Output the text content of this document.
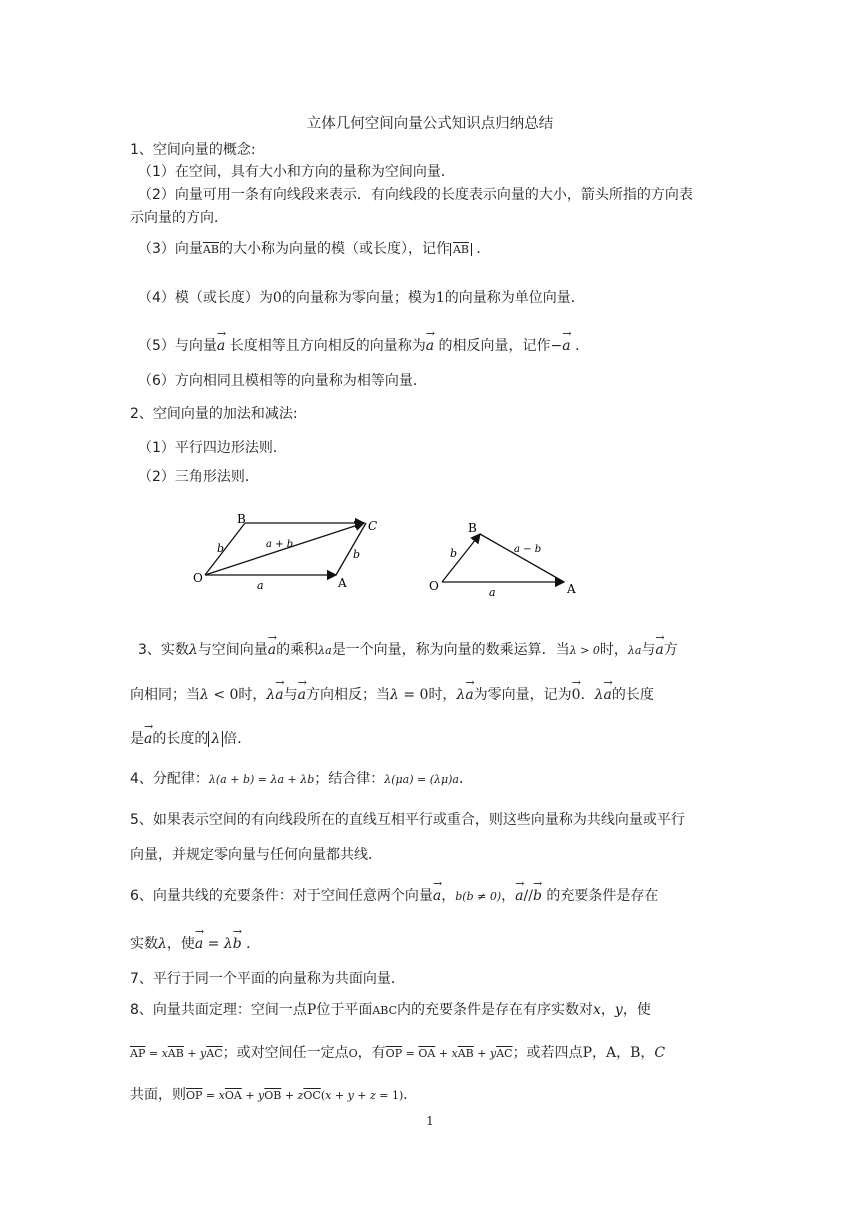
立体几何空间向量公式知识点归纳总结
1、空间向量的概念:
（1）在空间，具有大小和方向的量称为空间向量．
（2）向量可用一条有向线段来表示．有向线段的长度表示向量的大小，箭头所指的方向表
示向量的方向．
（3）向量$\overline{AB}$的大小称为向量的模（或长度），记作 $\overline{AB}$ ．
（4）模（或长度）为0的向量称为零向量；模为1的向量称为单位向量．
（5）与向量→ a 长度相等且方向相反的向量称为→ a 的相反向量，记作−→ a ．
（6）方向相同且模相等的向量称为相等向量．
2、空间向量的加法和减法:
（1）平行四边形法则．
（2）三角形法则．
O	A
B	C
a
b	b
a + b
O	A
B
a
b	a − b
3、实数λ与空间向量→ a的乘积λa是一个向量，称为向量的数乘运算．当λ > 0时，λa与→ a方
向相同；当λ < 0时，λ→ a与→ a方向相反；当λ = 0时，λ→ a为零向量，记为→ 0．λ→ a的长度
是→ a的长度的 λ 倍．
4、分配律：λ(a + b) = λa + λb；结合律：λ(μa) = (λμ)a．
5、如果表示空间的有向线段所在的直线互相平行或重合，则这些向量称为共线向量或平行
向量，并规定零向量与任何向量都共线．
6、向量共线的充要条件：对于空间任意两个向量→ a，b(b ≠ 0)，→ a//→ b 的充要条件是存在
实数λ，使→ a = λ→ b ．
7、平行于同一个平面的向量称为共面向量．
8、向量共面定理：空间一点P位于平面ABC内的充要条件是存在有序实数对x，y，使
$\overline{AP} = x\overline{AB} + y\overline{AC}$；或对空间任一定点O，有$\overline{OP} = \overline{OA} + x\overline{AB} + y\overline{AC}$；或若四点P，A，B，C
共面，则$\overline{OP} = x\overline{OA} + y\overline{OB} + z\overline{OC}(x + y + z = 1)$．
1
